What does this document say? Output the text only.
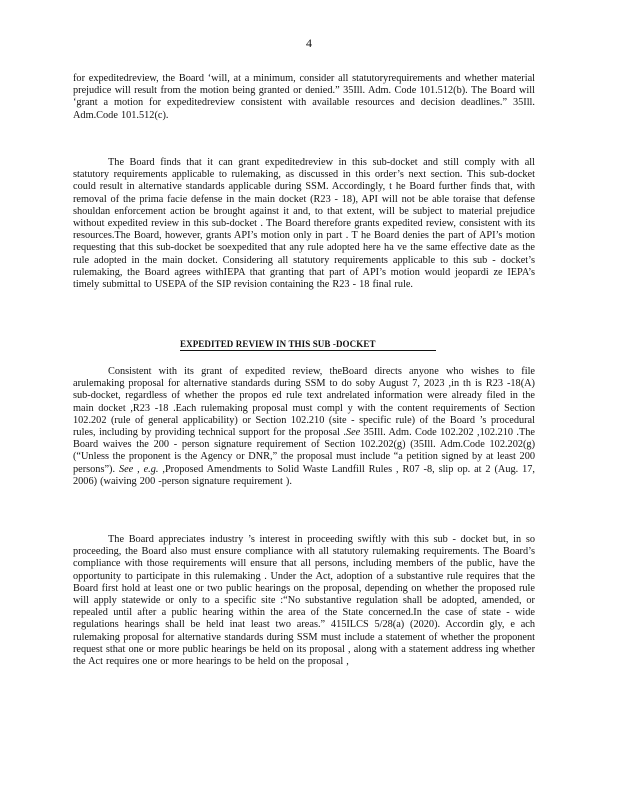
4

for expeditedreview, the Board ‘will, at a minimum, consider all statutoryrequirements and whether material prejudice will result from the motion being granted or denied.” 35Ill. Adm. Code 101.512(b). The Board will ‘grant a motion for expeditedreview consistent with available resources and decision deadlines.” 35Ill. Adm.Code 101.512(c).

The Board finds that it can grant expeditedreview in this sub-docket and still comply with all statutory requirements applicable to rulemaking, as discussed in this order’s next section. This sub-docket could result in alternative standards applicable during SSM. Accordingly, t he Board further finds that, with removal of the prima facie defense in the main docket (R23 - 18), API will not be able toraise that defense shouldan enforcement action be brought against it and, to that extent, will be subject to material prejudice without expedited review in this sub-docket . The Board therefore grants expedited review, consistent with its resources.The Board, however, grants API’s motion only in part . T he Board denies the part of API’s motion requesting that this sub-docket be soexpedited that any rule adopted here ha ve the same effective date as the rule adopted in the main docket. Considering all statutory requirements applicable to this sub - docket’s rulemaking, the Board agrees withIEPA that granting that part of API’s motion would jeopardi ze IEPA’s timely submittal to USEPA of the SIP revision containing the R23 - 18 final rule.

EXPEDITED REVIEW IN THIS SUB -DOCKET

Consistent with its grant of expedited review, theBoard directs anyone who wishes to file arulemaking proposal for alternative standards during SSM to do soby August 7, 2023 ,in th is R23 -18(A) sub-docket, regardless of whether the propos ed rule text andrelated information were already filed in the main docket ,R23 -18 .Each rulemaking proposal must compl y with the content requirements of Section 102.202 (rule of general applicability) or Section 102.210 (site - specific rule) of the Board ’s procedural rules, including by providing technical support for the proposal .See 35Ill. Adm. Code 102.202 ,102.210 .The Board waives the 200 - person signature requirement of Section 102.202(g) (35Ill. Adm.Code 102.202(g) (“Unless the proponent is the Agency or DNR,” the proposal must include “a petition signed by at least 200 persons”). See , e.g. ,Proposed Amendments to Solid Waste Landfill Rules , R07 -8, slip op. at 2 (Aug. 17, 2006) (waiving 200 -person signature requirement ).

The Board appreciates industry ’s interest in proceeding swiftly with this sub - docket but, in so proceeding, the Board also must ensure compliance with all statutory rulemaking requirements. The Board’s compliance with those requirements will ensure that all persons, including members of the public, have the opportunity to participate in this rulemaking . Under the Act, adoption of a substantive rule requires that the Board first hold at least one or two public hearings on the proposal, depending on whether the proposed rule will apply statewide or only to a specific site :“No substantive regulation shall be adopted, amended, or repealed until after a public hearing within the area of the State concerned.In the case of state - wide regulations hearings shall be held inat least two areas.” 415ILCS 5/28(a) (2020). Accordin gly, e ach rulemaking proposal for alternative standards during SSM must include a statement of whether the proponent request sthat one or more public hearings be held on its proposal , along with a statement address ing whether the Act requires one or more hearings to be held on the proposal ,
